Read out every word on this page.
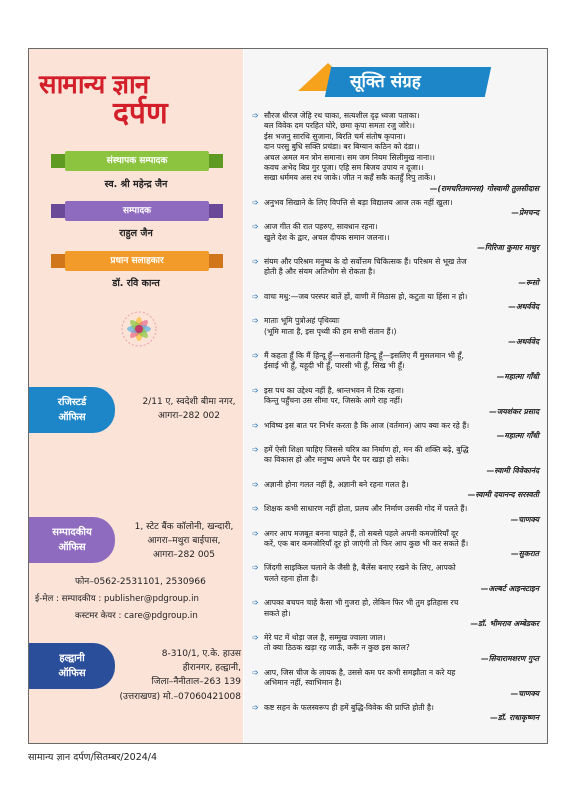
सामान्य ज्ञान
दर्पण
संस्थापक सम्पादक
स्व. श्री महेन्द्र जैन
सम्पादक
राहुल जैन
प्रधान सलाहकार
डॉ. रवि कान्त
रजिस्टर्ड
ऑफिस
2/11 ए, स्वदेशी बीमा नगर,
आगरा–282 002
सम्पादकीय
ऑफिस
1, स्टेट बैंक कॉलोनी, खन्दारी,
आगरा–मथुरा बाईपास,
आगरा–282 005
फोन–0562-2531101, 2530966
ई-मेल : सम्पादकीय : publisher@pdgroup.in
कस्टमर केयर : care@pdgroup.in
हल्द्वानी
ऑफिस
8-310/1, ए.के. हाउस
हीरानगर, हल्द्वानी,
जिला–नैनीताल–263 139
(उत्तराखण्ड) मो.–07060421008
सूक्ति संग्रह
➩ सौरज धीरज जेहि रथ चाका, सत्यशील दृढ़ ध्वजा पताका।
बल विवेक दम परहित घोरे, छमा कृपा समता रजु जोरे।।
ईस भजनु सारथि सुजाना, बिरति चर्म संतोष कृपाना।
दान परसु बुधि सक्ति प्रचंडा। बर बिग्यान कठिन को दंडा।।
अचल अमल मन त्रोन समाना। सम जम नियम सिलीमुख नाना।।
कवच अभेद बिप्र गुर पूजा। एहि सम बिजय उपाय न दूजा।।
सखा धर्ममय अस रथ जाके। जीत न कहँ सकै कतहुँ रिपु ताकें।।
—(रामचरितमानस) गोस्वामी तुलसीदास
➩ अनुभव सिखाने के लिए विपत्ति से बड़ा विद्यालय आज तक नहीं खुला।
—प्रेमचन्द
➩ आज गीत की रात पहरुए, सावधान रहना।
खुले देश के द्वार, अचल दीपक समान जलना।।
—गिरिजा कुमार माथुर
➩ संयम और परिश्रम मनुष्य के दो सर्वोत्तम चिकित्सक हैं। परिश्रम से भूख तेज
होती है और संयम अतिभोग से रोकता है।
—रूसो
➩ वाचः मधु:—जब परस्पर बातें हों, वाणी में मिठास हो, कटुता या हिंसा न हो।
—अथर्ववेद
➩ माताः भूमि पुत्रोअहं पृथिव्याः
(भूमि माता है, इस पृथ्वी की हम सभी संतान हैं।)
—अथर्ववेद
➩ मैं कहता हूँ कि मैं हिन्दू हूँ—सनातनी हिन्दू हूँ—इसलिए मैं मुसलमान भी हूँ,
ईसाई भी हूँ, यहूदी भी हूँ, पारसी भी हूँ, सिख भी हूँ।
—महात्मा गाँधी
➩ इस पथ का उद्देश्य नहीं है, श्रान्तभवन में टिक रहना।
किन्तु पहुँचना उस सीमा पर, जिसके आगे राह नहीं।
—जयशंकर प्रसाद
➩ भविष्य इस बात पर निर्भर करता है कि आज (वर्तमान) आप क्या कर रहे हैं।
—महात्मा गाँधी
➩ हमें ऐसी शिक्षा चाहिए जिससे चरित्र का निर्माण हो, मन की शक्ति बढ़े, बुद्धि
का विकास हो और मनुष्य अपने पैर पर खड़ा हो सके।
—स्वामी विवेकानंद
➩ अज्ञानी होना गलत नहीं है, अज्ञानी बने रहना गलत है।
—स्वामी दयानन्द सरस्वती
➩ शिक्षक कभी साधारण नहीं होता, प्रलय और निर्माण उसकी गोद में पलते हैं।
—चाणक्य
➩ अगर आप मजबूत बनना चाहते हैं, तो सबसे पहले अपनी कमजोरियाँ दूर
करें, एक बार कमजोरियाँ दूर हो जाएंगी तो फिर आप कुछ भी कर सकते हैं।
—सुकरात
➩ जिंदगी साइकिल चलाने के जैसी है, बैलेंस बनाए रखने के लिए, आपको
चलते रहना होता है।
—अल्बर्ट आइन्स्टाइन
➩ आपका बचपन चाहे कैसा भी गुजरा हो, लेकिन फिर भी तुम इतिहास रच
सकते हो।
—डॉ. भीमराव अम्बेडकर
➩ मेरे घट में थोड़ा जल है, सम्मुख ज्वाला जाल।
तो क्या ठिठक खड़ा रह जाऊँ, करूँ न कुछ इस काल?
—सियारामशरण गुप्त
➩ आप, जिस चीज के लायक है, उससे कम पर कभी समझौता न करे यह
अभिमान नहीं, स्वाभिमान है।
—चाणक्य
➩ कष्ट सहन के फलस्वरूप ही हमें बुद्धि-विवेक की प्राप्ति होती है।
—डॉ. राधाकृष्णन
सामान्य ज्ञान दर्पण/सितम्बर/2024/4
